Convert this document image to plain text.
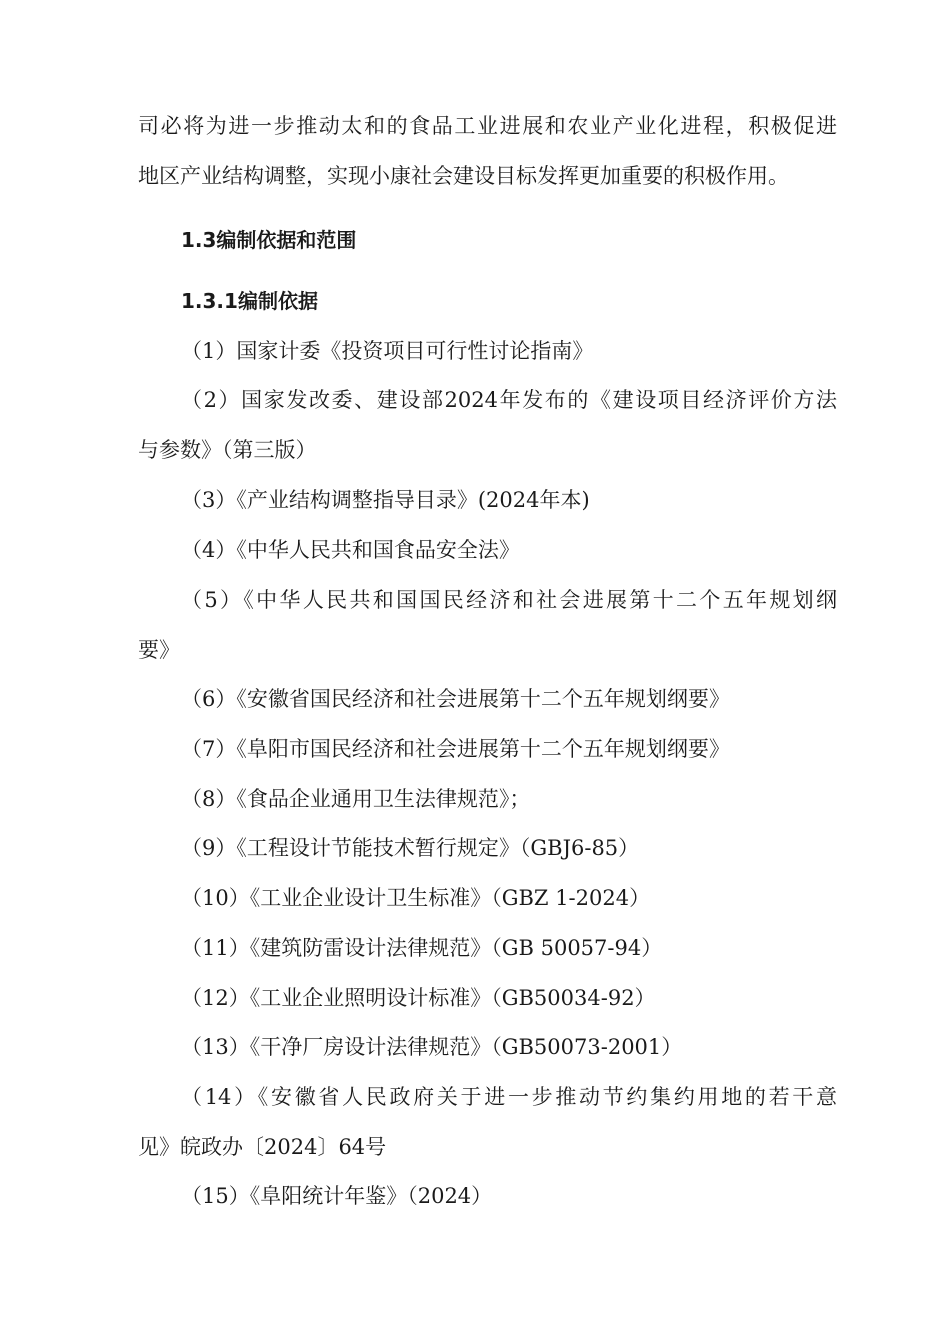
司必将为进一步推动太和的食品工业进展和农业产业化进程，积极促进
地区产业结构调整，实现小康社会建设目标发挥更加重要的积极作用。
1.3编制依据和范围
1.3.1编制依据
（1）国家计委《投资项目可行性讨论指南》
（2）国家发改委、建设部2024年发布的《建设项目经济评价方法
与参数》（第三版）
（3）《产业结构调整指导目录》(2024年本)
（4）《中华人民共和国食品安全法》
（5）《中华人民共和国国民经济和社会进展第十二个五年规划纲
要》
（6）《安徽省国民经济和社会进展第十二个五年规划纲要》
（7）《阜阳市国民经济和社会进展第十二个五年规划纲要》
（8）《食品企业通用卫生法律规范》；
（9）《工程设计节能技术暂行规定》（GBJ6-85）
（10）《工业企业设计卫生标准》（GBZ 1-2024）
（11）《建筑防雷设计法律规范》（GB 50057-94）
（12）《工业企业照明设计标准》（GB50034-92）
（13）《干净厂房设计法律规范》（GB50073-2001）
（14）《安徽省人民政府关于进一步推动节约集约用地的若干意
见》皖政办〔2024〕64号
（15）《阜阳统计年鉴》（2024）
